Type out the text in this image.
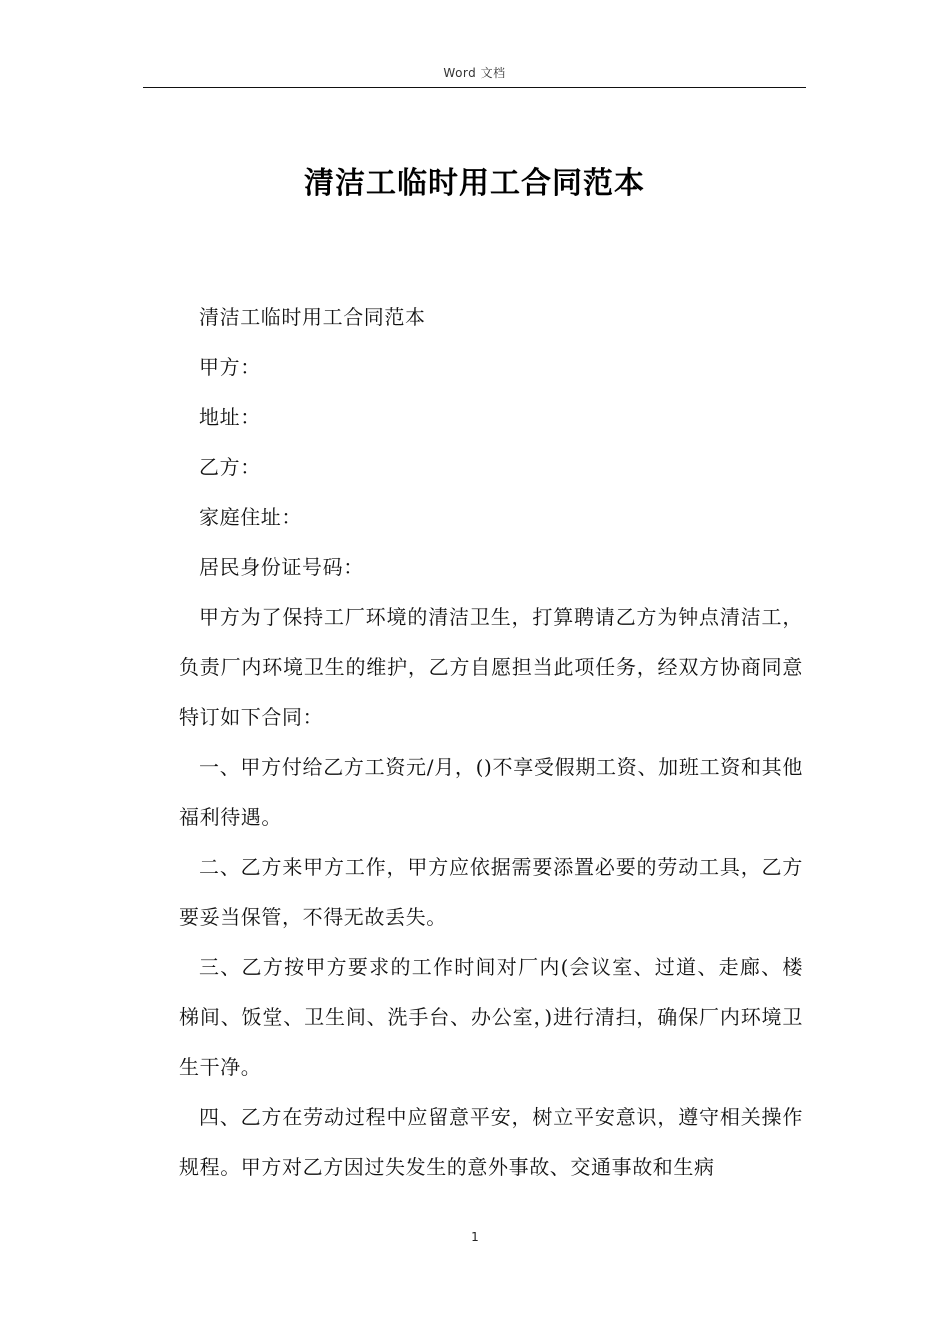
Word 文档
清洁工临时用工合同范本

清洁工临时用工合同范本

甲方：

地址：

乙方：

家庭住址：

居民身份证号码：

甲方为了保持工厂环境的清洁卫生，打算聘请乙方为钟点清洁工，负责厂内环境卫生的维护，乙方自愿担当此项任务，经双方协商同意特订如下合同：

一、甲方付给乙方工资元/月，()不享受假期工资、加班工资和其他福利待遇。

二、乙方来甲方工作，甲方应依据需要添置必要的劳动工具，乙方要妥当保管，不得无故丢失。

三、乙方按甲方要求的工作时间对厂内(会议室、过道、走廊、楼梯间、饭堂、卫生间、洗手台、办公室，)进行清扫，确保厂内环境卫生干净。

四、乙方在劳动过程中应留意平安，树立平安意识，遵守相关操作规程。甲方对乙方因过失发生的意外事故、交通事故和生病

1
